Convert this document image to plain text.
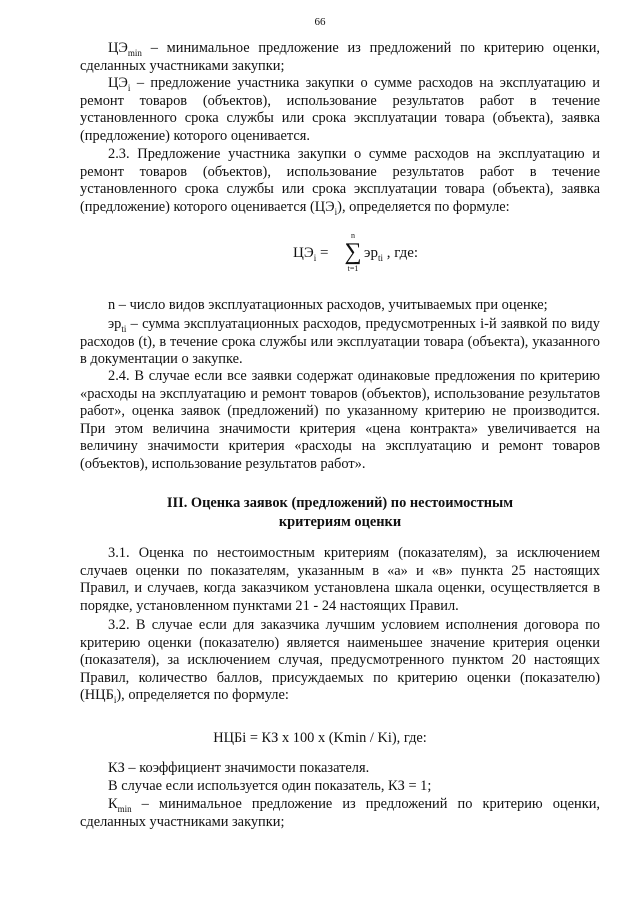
66

$ЦЭ_{min}$ – минимальное предложение из предложений по критерию оценки, сделанных участниками закупки;

$ЦЭ_i$ – предложение участника закупки о сумме расходов на эксплуатацию и ремонт товаров (объектов), использование результатов работ в течение установленного срока службы или срока эксплуатации товара (объекта), заявка (предложение) которого оценивается.

2.3. Предложение участника закупки о сумме расходов на эксплуатацию и ремонт товаров (объектов), использование результатов работ в течение установленного срока службы или срока эксплуатации товара (объекта), заявка (предложение) которого оценивается $(ЦЭ_i)$, определяется по формуле:

$ЦЭ_i$ =
n
∑
t=1
$эр_{ti}$ , где:

n – число видов эксплуатационных расходов, учитываемых при оценке;

$эр_{ti}$ – сумма эксплуатационных расходов, предусмотренных i-й заявкой по виду расходов (t), в течение срока службы или эксплуатации товара (объекта), указанного в документации о закупке.

2.4. В случае если все заявки содержат одинаковые предложения по критерию «расходы на эксплуатацию и ремонт товаров (объектов), использование результатов работ», оценка заявок (предложений) по указанному критерию не производится. При этом величина значимости критерия «цена контракта» увеличивается на величину значимости критерия «расходы на эксплуатацию и ремонт товаров (объектов), использование результатов работ».

III. Оценка заявок (предложений) по нестоимостным
критериям оценки

3.1. Оценка по нестоимостным критериям (показателям), за исключением случаев оценки по показателям, указанным в «а» и «в» пункта 25 настоящих Правил, и случаев, когда заказчиком установлена шкала оценки, осуществляется в порядке, установленном пунктами 21 - 24 настоящих Правил.

3.2. В случае если для заказчика лучшим условием исполнения договора по критерию оценки (показателю) является наименьшее значение критерия оценки (показателя), за исключением случая, предусмотренного пунктом 20 настоящих Правил, количество баллов, присуждаемых по критерию оценки (показателю) $(НЦБ_i)$, определяется по формуле:

НЦБi = КЗ x 100 x (Kmin / Ki), где:

КЗ – коэффициент значимости показателя.

В случае если используется один показатель, КЗ = 1;

$К_{min}$ – минимальное предложение из предложений по критерию оценки, сделанных участниками закупки;
